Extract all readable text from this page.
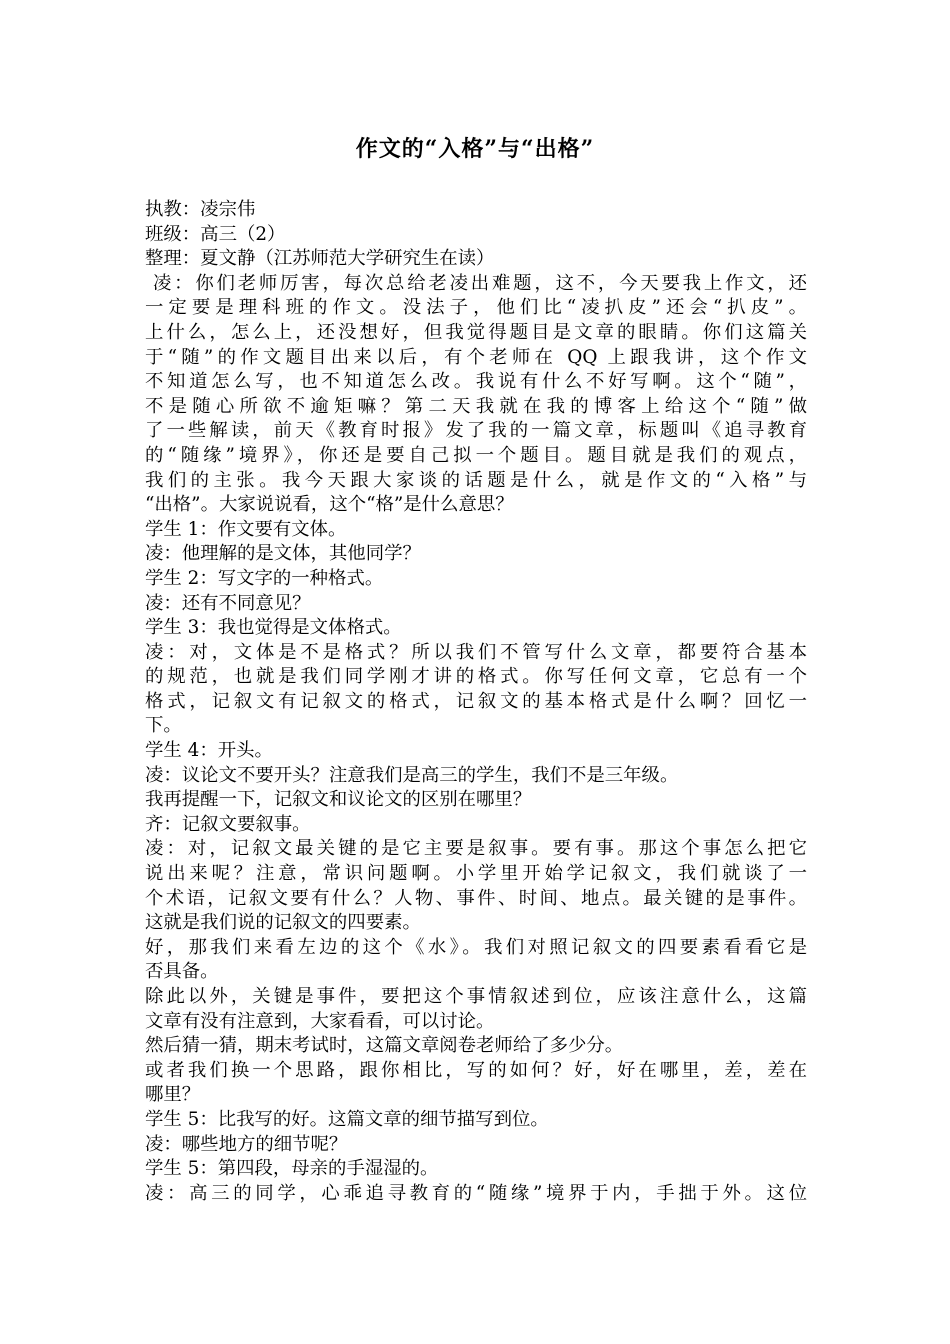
作文的“入格”与“出格”
执教：凌宗伟
班级：高三（2）
整理：夏文静（江苏师范大学研究生在读）
凌：你们老师厉害，每次总给老凌出难题，这不，今天要我上作文，还
一定要是理科班的作文。没法子，他们比“凌扒皮”还会“扒皮”。
上什么，怎么上，还没想好，但我觉得题目是文章的眼睛。你们这篇关
于“随”的作文题目出来以后，有个老师在 QQ 上跟我讲，这个作文
不知道怎么写，也不知道怎么改。我说有什么不好写啊。这个“随”，
不是随心所欲不逾矩嘛？第二天我就在我的博客上给这个“随”做
了一些解读，前天《教育时报》发了我的一篇文章，标题叫《追寻教育
的“随缘”境界》，你还是要自己拟一个题目。题目就是我们的观点，
我们的主张。我今天跟大家谈的话题是什么，就是作文的“入格”与
“出格”。大家说说看，这个“格”是什么意思？
学生 1：作文要有文体。
凌：他理解的是文体，其他同学？
学生 2：写文字的一种格式。
凌：还有不同意见？
学生 3：我也觉得是文体格式。
凌：对，文体是不是格式？所以我们不管写什么文章，都要符合基本
的规范，也就是我们同学刚才讲的格式。你写任何文章，它总有一个
格式，记叙文有记叙文的格式，记叙文的基本格式是什么啊？回忆一
下。
学生 4：开头。
凌：议论文不要开头？注意我们是高三的学生，我们不是三年级。
我再提醒一下，记叙文和议论文的区别在哪里？
齐：记叙文要叙事。
凌：对，记叙文最关键的是它主要是叙事。要有事。那这个事怎么把它
说出来呢？注意，常识问题啊。小学里开始学记叙文，我们就谈了一
个术语，记叙文要有什么？人物、事件、时间、地点。最关键的是事件。
这就是我们说的记叙文的四要素。
好，那我们来看左边的这个《水》。我们对照记叙文的四要素看看它是
否具备。
除此以外，关键是事件，要把这个事情叙述到位，应该注意什么，这篇
文章有没有注意到，大家看看，可以讨论。
然后猜一猜，期末考试时，这篇文章阅卷老师给了多少分。
或者我们换一个思路，跟你相比，写的如何？好，好在哪里，差，差在
哪里？
学生 5：比我写的好。这篇文章的细节描写到位。
凌：哪些地方的细节呢？
学生 5：第四段，母亲的手湿湿的。
凌：高三的同学，心乖追寻教育的“随缘”境界于内，手拙于外。这位
